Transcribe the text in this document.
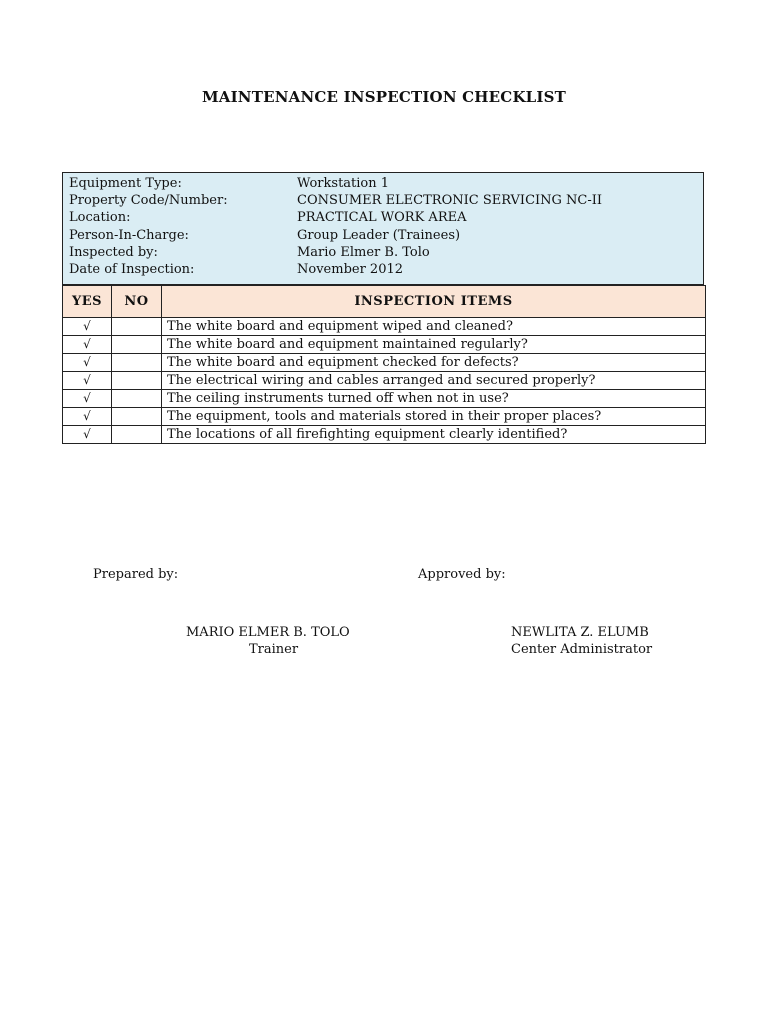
MAINTENANCE INSPECTION CHECKLIST
Equipment Type:	Workstation 1
Property Code/Number:	CONSUMER ELECTRONIC SERVICING NC-II
Location:	PRACTICAL WORK AREA
Person-In-Charge:	Group Leader (Trainees)
Inspected by:	Mario Elmer B. Tolo
Date of Inspection:	November 2012
YES	NO	INSPECTION ITEMS
√		The white board and equipment wiped and cleaned?
√		The white board and equipment maintained regularly?
√		The white board and equipment checked for defects?
√		The electrical wiring and cables arranged and secured properly?
√		The ceiling instruments turned off when not in use?
√		The equipment, tools and materials stored in their proper places?
√		The locations of all firefighting equipment clearly identified?
Prepared by:	Approved by:
MARIO ELMER B. TOLO
Trainer
NEWLITA Z. ELUMB
Center Administrator
